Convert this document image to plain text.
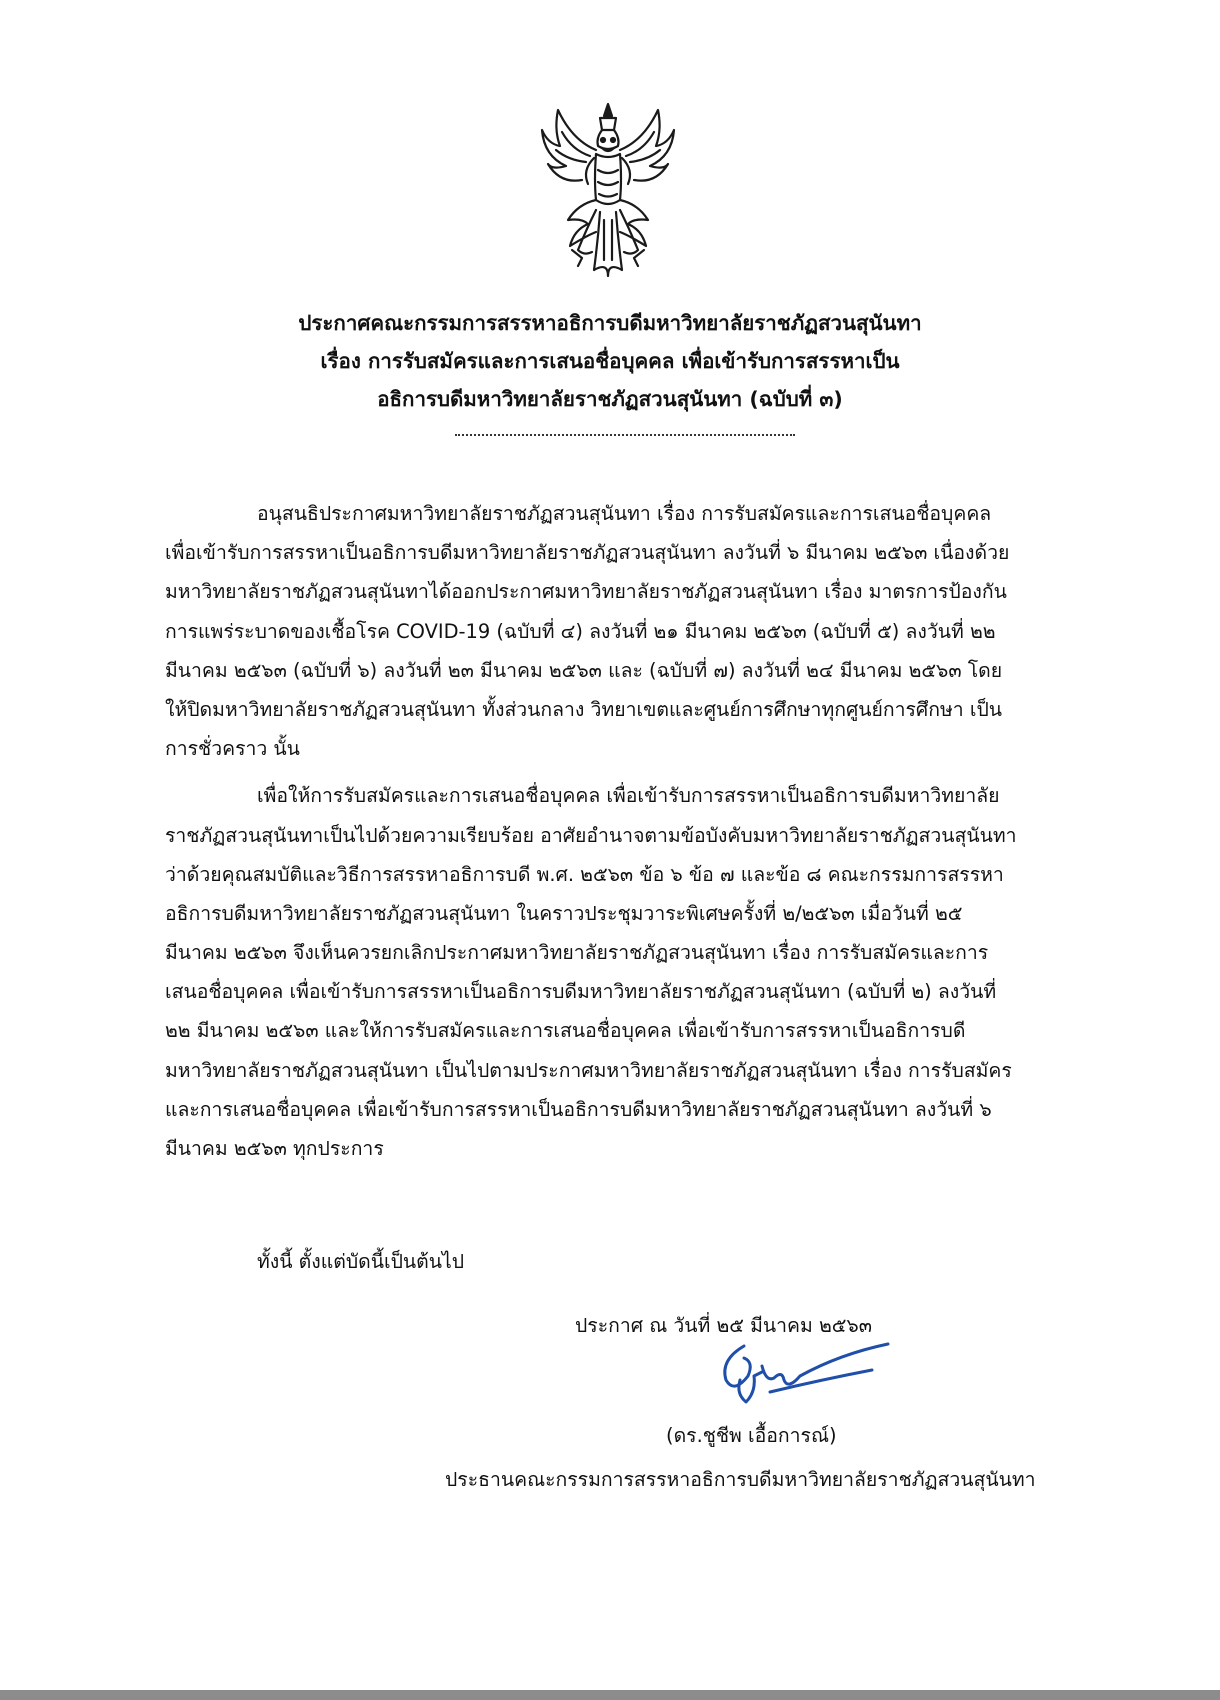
ประกาศคณะกรรมการสรรหาอธิการบดีมหาวิทยาลัยราชภัฏสวนสุนันทา
เรื่อง การรับสมัครและการเสนอชื่อบุคคล เพื่อเข้ารับการสรรหาเป็น
อธิการบดีมหาวิทยาลัยราชภัฏสวนสุนันทา (ฉบับที่ ๓)
อนุสนธิประกาศมหาวิทยาลัยราชภัฏสวนสุนันทา เรื่อง การรับสมัครและการเสนอชื่อบุคคล
เพื่อเข้ารับการสรรหาเป็นอธิการบดีมหาวิทยาลัยราชภัฏสวนสุนันทา ลงวันที่ ๖ มีนาคม ๒๕๖๓ เนื่องด้วย
มหาวิทยาลัยราชภัฏสวนสุนันทาได้ออกประกาศมหาวิทยาลัยราชภัฏสวนสุนันทา เรื่อง มาตรการป้องกัน
การแพร่ระบาดของเชื้อโรค COVID-19 (ฉบับที่ ๔) ลงวันที่ ๒๑ มีนาคม ๒๕๖๓ (ฉบับที่ ๕) ลงวันที่ ๒๒
มีนาคม ๒๕๖๓ (ฉบับที่ ๖) ลงวันที่ ๒๓ มีนาคม ๒๕๖๓ และ (ฉบับที่ ๗) ลงวันที่ ๒๔ มีนาคม ๒๕๖๓ โดย
ให้ปิดมหาวิทยาลัยราชภัฏสวนสุนันทา ทั้งส่วนกลาง วิทยาเขตและศูนย์การศึกษาทุกศูนย์การศึกษา เป็น
การชั่วคราว นั้น
เพื่อให้การรับสมัครและการเสนอชื่อบุคคล เพื่อเข้ารับการสรรหาเป็นอธิการบดีมหาวิทยาลัย
ราชภัฏสวนสุนันทาเป็นไปด้วยความเรียบร้อย อาศัยอำนาจตามข้อบังคับมหาวิทยาลัยราชภัฏสวนสุนันทา
ว่าด้วยคุณสมบัติและวิธีการสรรหาอธิการบดี พ.ศ. ๒๕๖๓ ข้อ ๖ ข้อ ๗ และข้อ ๘ คณะกรรมการสรรหา
อธิการบดีมหาวิทยาลัยราชภัฏสวนสุนันทา ในคราวประชุมวาระพิเศษครั้งที่ ๒/๒๕๖๓ เมื่อวันที่ ๒๕
มีนาคม ๒๕๖๓ จึงเห็นควรยกเลิกประกาศมหาวิทยาลัยราชภัฏสวนสุนันทา เรื่อง การรับสมัครและการ
เสนอชื่อบุคคล เพื่อเข้ารับการสรรหาเป็นอธิการบดีมหาวิทยาลัยราชภัฏสวนสุนันทา (ฉบับที่ ๒) ลงวันที่
๒๒ มีนาคม ๒๕๖๓ และให้การรับสมัครและการเสนอชื่อบุคคล เพื่อเข้ารับการสรรหาเป็นอธิการบดี
มหาวิทยาลัยราชภัฏสวนสุนันทา เป็นไปตามประกาศมหาวิทยาลัยราชภัฏสวนสุนันทา เรื่อง การรับสมัคร
และการเสนอชื่อบุคคล เพื่อเข้ารับการสรรหาเป็นอธิการบดีมหาวิทยาลัยราชภัฏสวนสุนันทา ลงวันที่ ๖
มีนาคม ๒๕๖๓ ทุกประการ
ทั้งนี้ ตั้งแต่บัดนี้เป็นต้นไป
ประกาศ ณ วันที่ ๒๕ มีนาคม ๒๕๖๓
(ดร.ชูชีพ เอื้อการณ์)
ประธานคณะกรรมการสรรหาอธิการบดีมหาวิทยาลัยราชภัฏสวนสุนันทา
